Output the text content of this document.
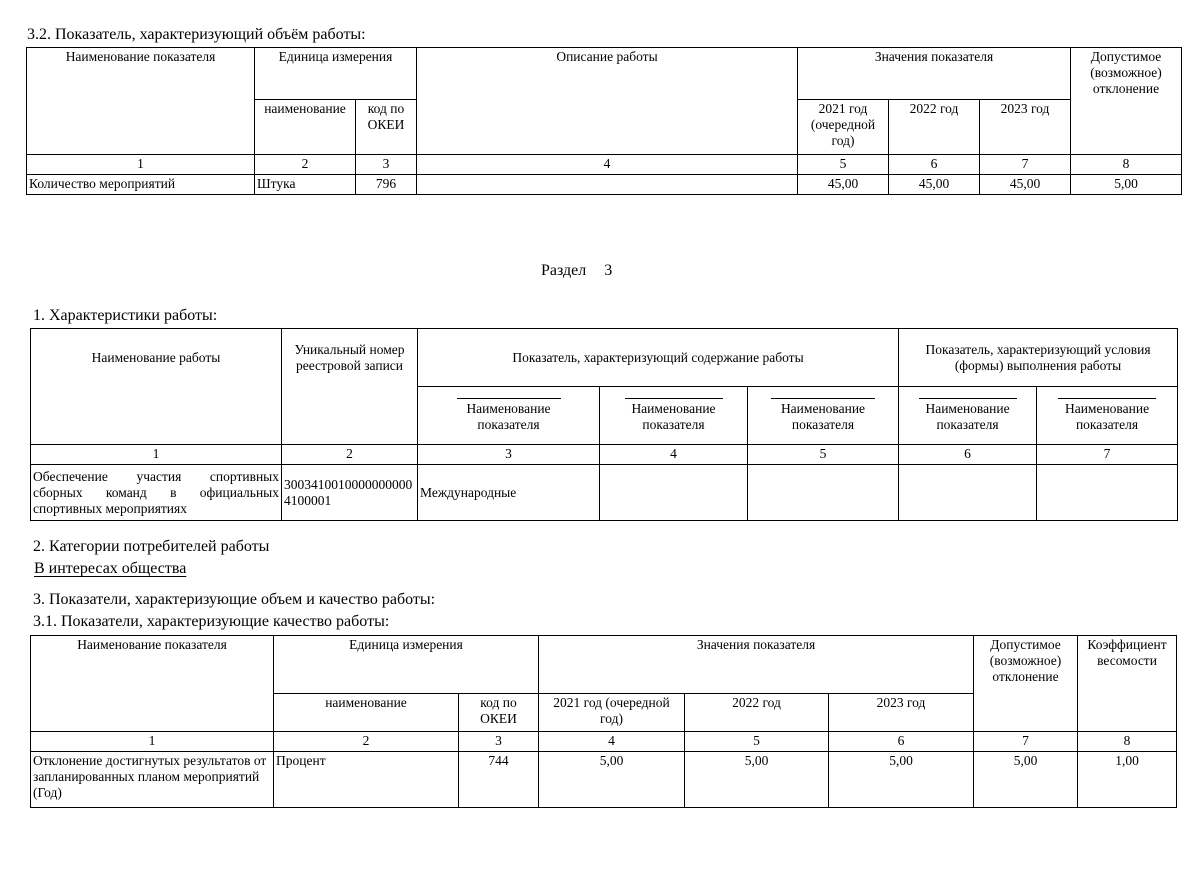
3.2. Показатель, характеризующий объём работы:
Наименование показателя	Единица измерения		Описание работы	Значения показателя			Допустимое (возможное) отклонение
	наименование	код по ОКЕИ		2021 год (очередной год)	2022 год	2023 год	
1	2	3	4	5	6	7	8
Количество мероприятий	Штука	796		45,00	45,00	45,00	5,00
Раздел 3
1. Характеристики работы:
Наименование работы	Уникальный номер реестровой записи	Показатель, характеризующий содержание работы			Показатель, характеризующий условия (формы) выполнения работы	
		Наименование показателя	Наименование показателя	Наименование показателя	Наименование показателя	Наименование показателя
1	2	3	4	5	6	7
Обеспечение участия спортивных сборных команд в официальных спортивных мероприятиях	30034100100000000004100001	Международные				
2. Категории потребителей работы
В интересах общества
3. Показатели, характеризующие объем и качество работы:
3.1. Показатели, характеризующие качество работы:
Наименование показателя	Единица измерения		Значения показателя			Допустимое (возможное) отклонение	Коэффициент весомости
	наименование	код по ОКЕИ	2021 год (очередной год)	2022 год	2023 год		
1	2	3	4	5	6	7	8
Отклонение достигнутых результатов от запланированных планом мероприятий (Год)	Процент	744	5,00	5,00	5,00	5,00	1,00
